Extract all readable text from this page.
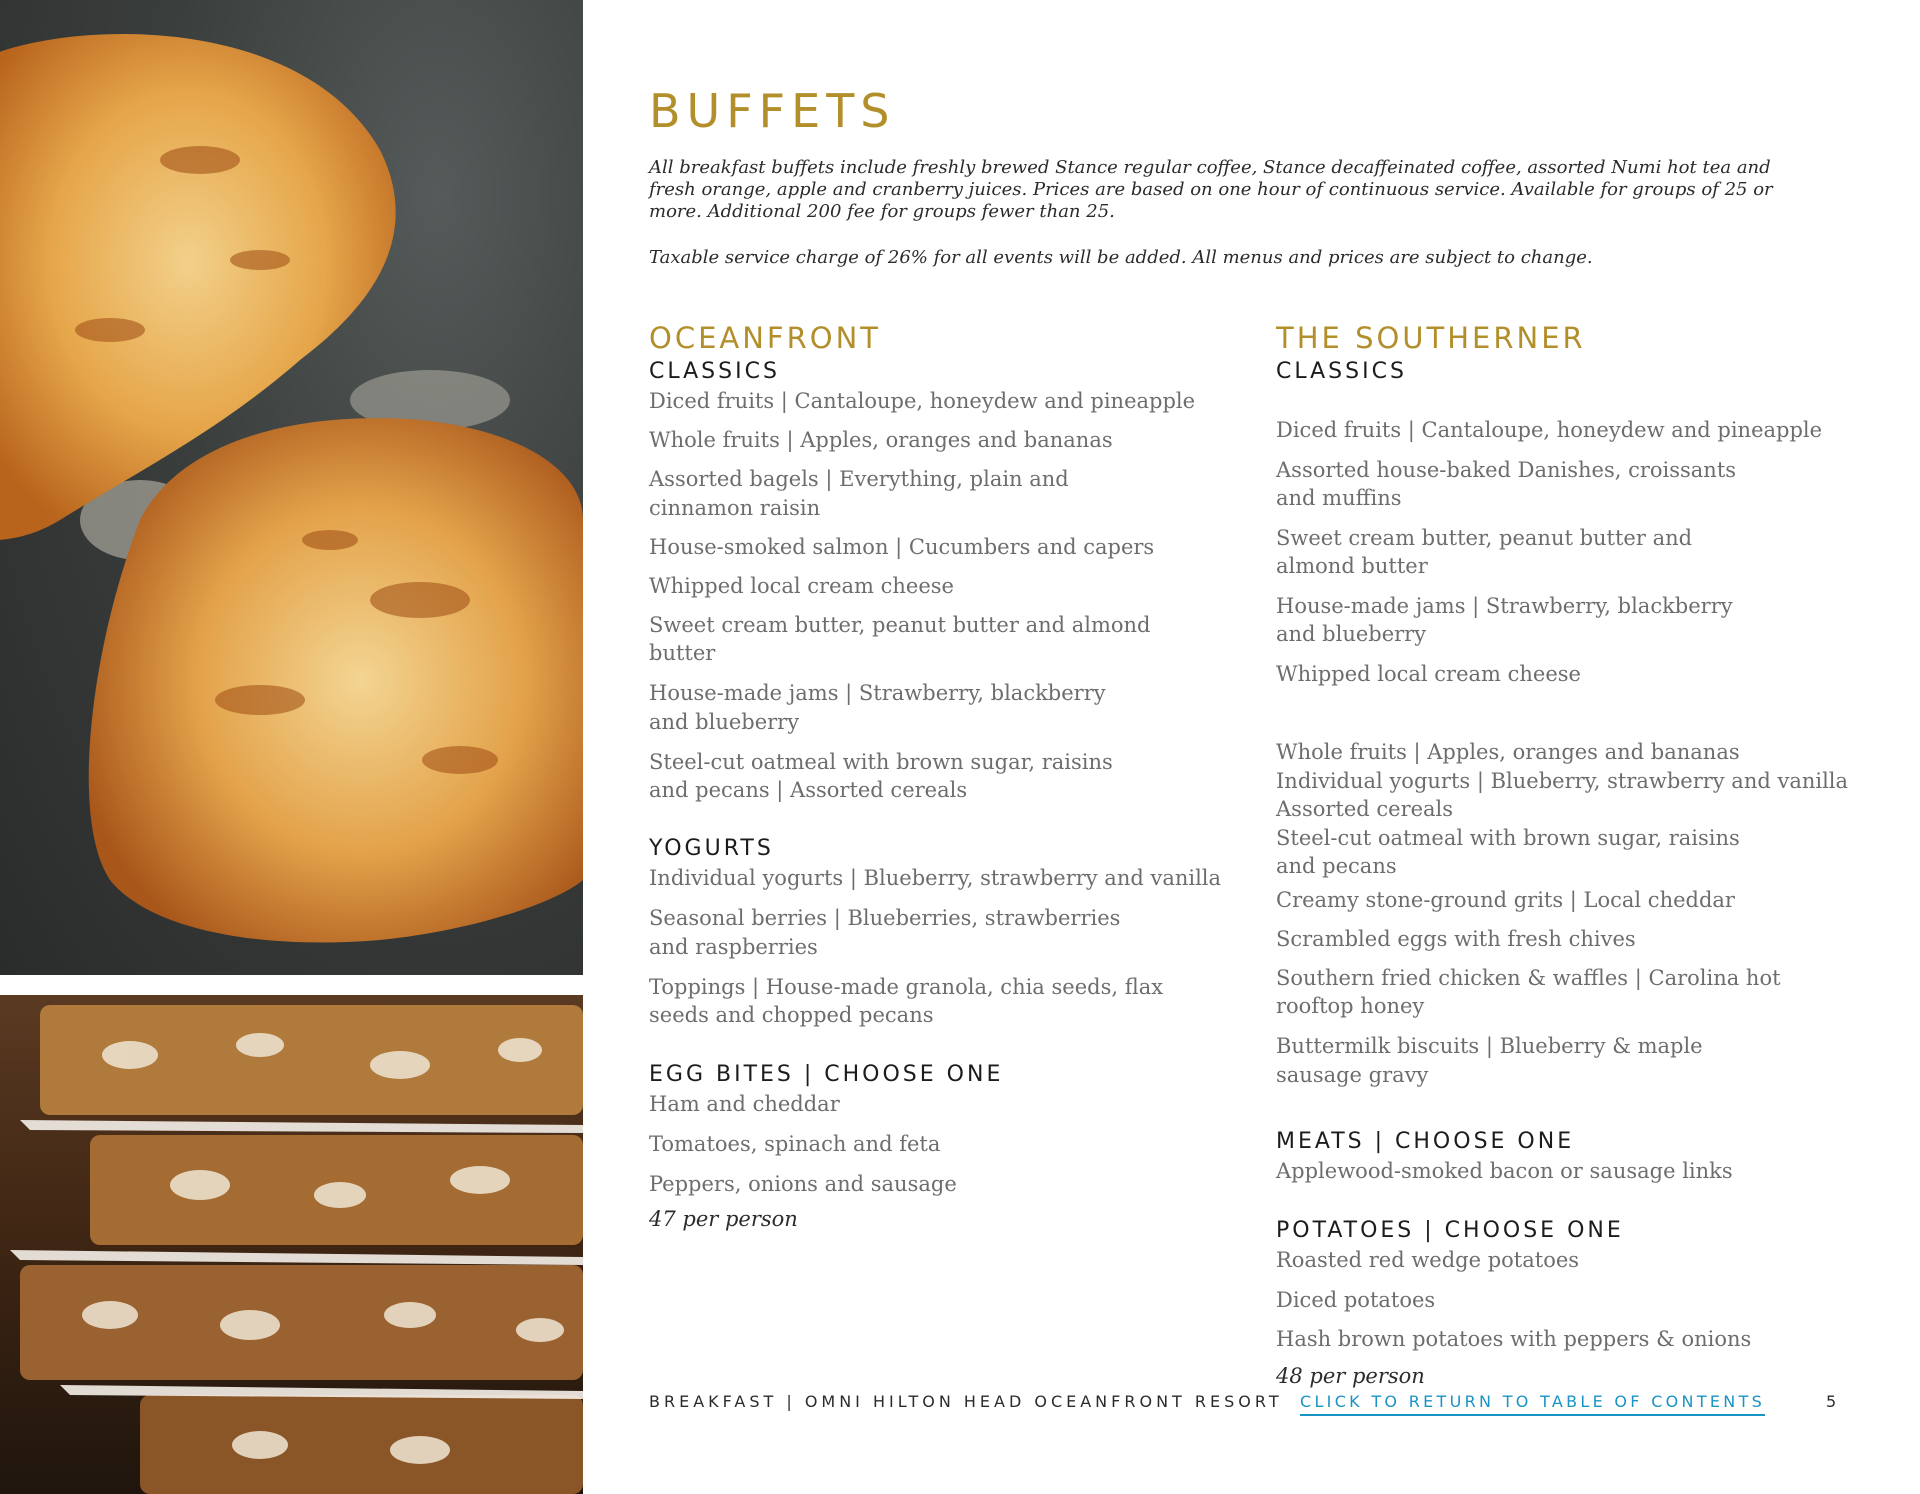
BUFFETS

All breakfast buffets include freshly brewed Stance regular coffee, Stance decaffeinated coffee, assorted Numi hot tea and fresh orange, apple and cranberry juices. Prices are based on one hour of continuous service. Available for groups of 25 or more. Additional 200 fee for groups fewer than 25.

Taxable service charge of 26% for all events will be added. All menus and prices are subject to change.

OCEANFRONT
CLASSICS
Diced fruits | Cantaloupe, honeydew and pineapple
Whole fruits | Apples, oranges and bananas
Assorted bagels | Everything, plain and
cinnamon raisin
House-smoked salmon | Cucumbers and capers
Whipped local cream cheese
Sweet cream butter, peanut butter and almond
butter
House-made jams | Strawberry, blackberry
and blueberry
Steel-cut oatmeal with brown sugar, raisins
and pecans | Assorted cereals
YOGURTS
Individual yogurts | Blueberry, strawberry and vanilla
Seasonal berries | Blueberries, strawberries
and raspberries
Toppings | House-made granola, chia seeds, flax
seeds and chopped pecans
EGG BITES | CHOOSE ONE
Ham and cheddar
Tomatoes, spinach and feta
Peppers, onions and sausage
47 per person
THE SOUTHERNER
CLASSICS
Diced fruits | Cantaloupe, honeydew and pineapple
Assorted house-baked Danishes, croissants
and muffins
Sweet cream butter, peanut butter and
almond butter
House-made jams | Strawberry, blackberry
and blueberry
Whipped local cream cheese
Whole fruits | Apples, oranges and bananas
Individual yogurts | Blueberry, strawberry and vanilla
Assorted cereals
Steel-cut oatmeal with brown sugar, raisins
and pecans
Creamy stone-ground grits | Local cheddar
Scrambled eggs with fresh chives
Southern fried chicken & waffles | Carolina hot
rooftop honey
Buttermilk biscuits | Blueberry & maple
sausage gravy
MEATS | CHOOSE ONE
Applewood-smoked bacon or sausage links
POTATOES | CHOOSE ONE
Roasted red wedge potatoes
Diced potatoes
Hash brown potatoes with peppers & onions
48 per person
BREAKFAST | OMNI HILTON HEAD OCEANFRONT RESORT CLICK TO RETURN TO TABLE OF CONTENTS	5
